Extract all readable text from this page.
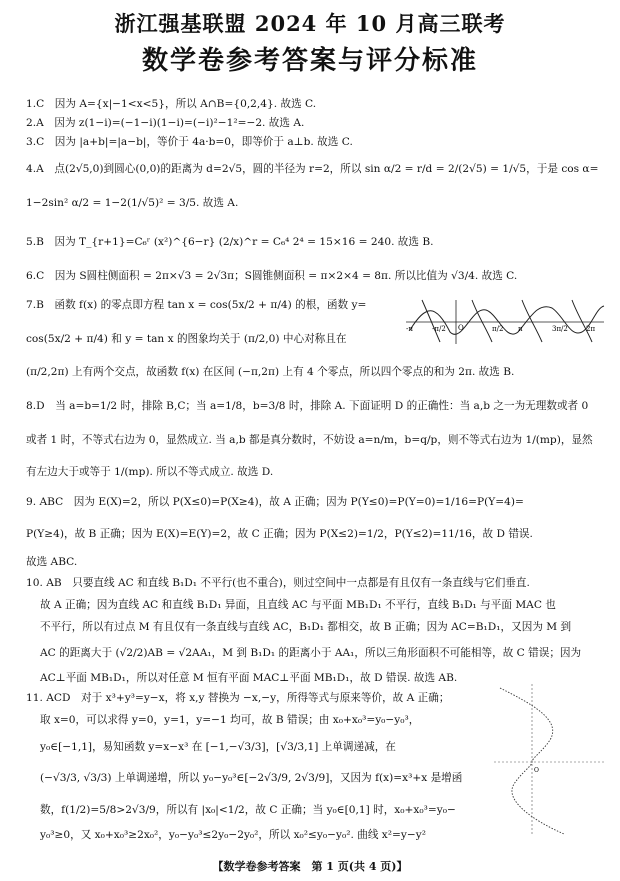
浙江强基联盟 2024 年 10 月高三联考
数学卷参考答案与评分标准
1.C　因为 A={x|−1<x<5}，所以 A∩B={0,2,4}. 故选 C.
2.A　因为 z(1−i)=(−1−i)(1−i)=(−i)²−1²=−2. 故选 A.
3.C　因为 |a+b|=|a−b|，等价于 4a·b=0，即等价于 a⊥b. 故选 C.
4.A　点(2√5,0)到圆心(0,0)的距离为 d=2√5，圆的半径为 r=2，所以 sin α/2 = r/d = 2/(2√5) = 1/√5，于是 cos α=
1−2sin² α/2 = 1−2(1/√5)² = 3/5. 故选 A.
5.B　因为 T_{r+1}=C₆ʳ (x²)^{6−r} (2/x)^r = C₆⁴ 2⁴ = 15×16 = 240. 故选 B.
6.C　因为 S圆柱侧面积 = 2π×√3 = 2√3π；S圆锥侧面积 = π×2×4 = 8π. 所以比值为 √3/4. 故选 C.
7.B　函数 f(x) 的零点即方程 tan x = cos(5x/2 + π/4) 的根，函数 y=
cos(5x/2 + π/4) 和 y = tan x 的图象均关于 (π/2,0) 中心对称且在
(π/2,2π) 上有两个交点，故函数 f(x) 在区间 (−π,2π) 上有 4 个零点，所以四个零点的和为 2π. 故选 B.
-π	-π/2 O	π/2 π	3π/2	2π
8.D　当 a=b=1/2 时，排除 B,C；当 a=1/8，b=3/8 时，排除 A. 下面证明 D 的正确性：当 a,b 之一为无理数或者 0
或者 1 时，不等式右边为 0，显然成立. 当 a,b 都是真分数时，不妨设 a=n/m，b=q/p，则不等式右边为 1/(mp)，显然
有左边大于或等于 1/(mp). 所以不等式成立. 故选 D.
9. ABC　因为 E(X)=2，所以 P(X≤0)=P(X≥4)，故 A 正确；因为 P(Y≤0)=P(Y=0)=1/16=P(Y=4)=
P(Y≥4)，故 B 正确；因为 E(X)=E(Y)=2，故 C 正确；因为 P(X≤2)=1/2，P(Y≤2)=11/16，故 D 错误.
故选 ABC.
10. AB　只要直线 AC 和直线 B₁D₁ 不平行(也不重合)，则过空间中一点都是有且仅有一条直线与它们垂直.
故 A 正确；因为直线 AC 和直线 B₁D₁ 异面，且直线 AC 与平面 MB₁D₁ 不平行，直线 B₁D₁ 与平面 MAC 也
不平行，所以有过点 M 有且仅有一条直线与直线 AC，B₁D₁ 都相交，故 B 正确；因为 AC=B₁D₁，又因为 M 到
AC 的距离大于 (√2/2)AB = √2AA₁，M 到 B₁D₁ 的距离小于 AA₁，所以三角形面积不可能相等，故 C 错误；因为
AC⊥平面 MB₁D₁，所以对任意 M 恒有平面 MAC⊥平面 MB₁D₁，故 D 错误. 故选 AB.
11. ACD　对于 x³+y³=y−x，将 x,y 替换为 −x,−y，所得等式与原来等价，故 A 正确；
取 x=0，可以求得 y=0，y=1，y=−1 均可，故 B 错误；由 x₀+x₀³=y₀−y₀³，
y₀∈[−1,1]，易知函数 y=x−x³ 在 [−1,−√3/3]，[√3/3,1] 上单调递减，在
(−√3/3, √3/3) 上单调递增，所以 y₀−y₀³∈[−2√3/9, 2√3/9]，又因为 f(x)=x³+x 是增函
数，f(1/2)=5/8>2√3/9，所以有 |x₀|<1/2，故 C 正确；当 y₀∈[0,1] 时，x₀+x₀³=y₀−
y₀³≥0，又 x₀+x₀³≥2x₀²，y₀−y₀³≤2y₀−2y₀²，所以 x₀²≤y₀−y₀². 曲线 x²=y−y²
O
【数学卷参考答案　第 1 页(共 4 页)】
